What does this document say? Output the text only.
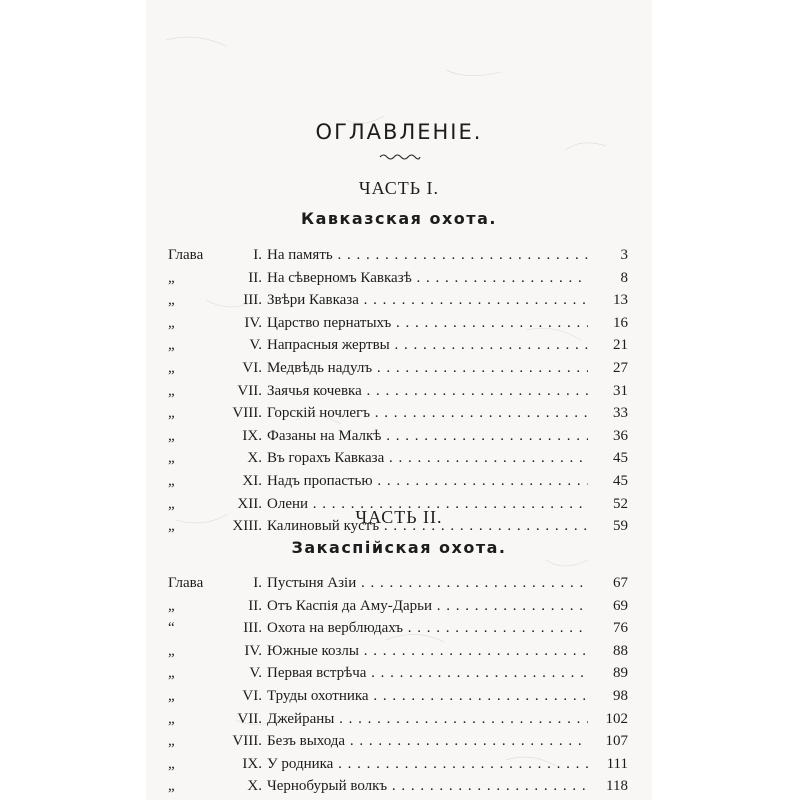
ОГЛАВЛЕНIЕ.
ЧАСТЬ I.
Кавказская охота.
Глава	I. На память . . .	3
„	II. На сѣверномъ Кавказѣ . . .	8
„	III. Звѣри Кавказа . . .	13
„	IV. Царство пернатыхъ . . .	16
„	V. Напрасныя жертвы . . .	21
„	VI. Медвѣдь надулъ . . .	27
„	VII. Заячья кочевка . . .	31
„	VIII. Горскій ночлегъ . . .	33
„	IX. Фазаны на Малкѣ . . .	36
„	X. Въ горахъ Кавказа . . .	45
„	XI. Надъ пропастью . . .	45
„	XII. Олени . . .	52
„	XIII. Калиновый кустъ . . .	59
ЧАСТЬ II.
Закаспійская охота.
Глава	I. Пустыня Азіи . . .	67
„	II. Отъ Каспія да Аму-Дарьи . . .	69
“	III. Охота на верблюдахъ . . .	76
„	IV. Южные козлы . . .	88
„	V. Первая встрѣча . . .	89
„	VI. Труды охотника . . .	98
„	VII. Джейраны . . .	102
„	VIII. Безъ выхода . . .	107
„	IX. У родника . . .	111
„	X. Чернобурый волкъ . . .	118
